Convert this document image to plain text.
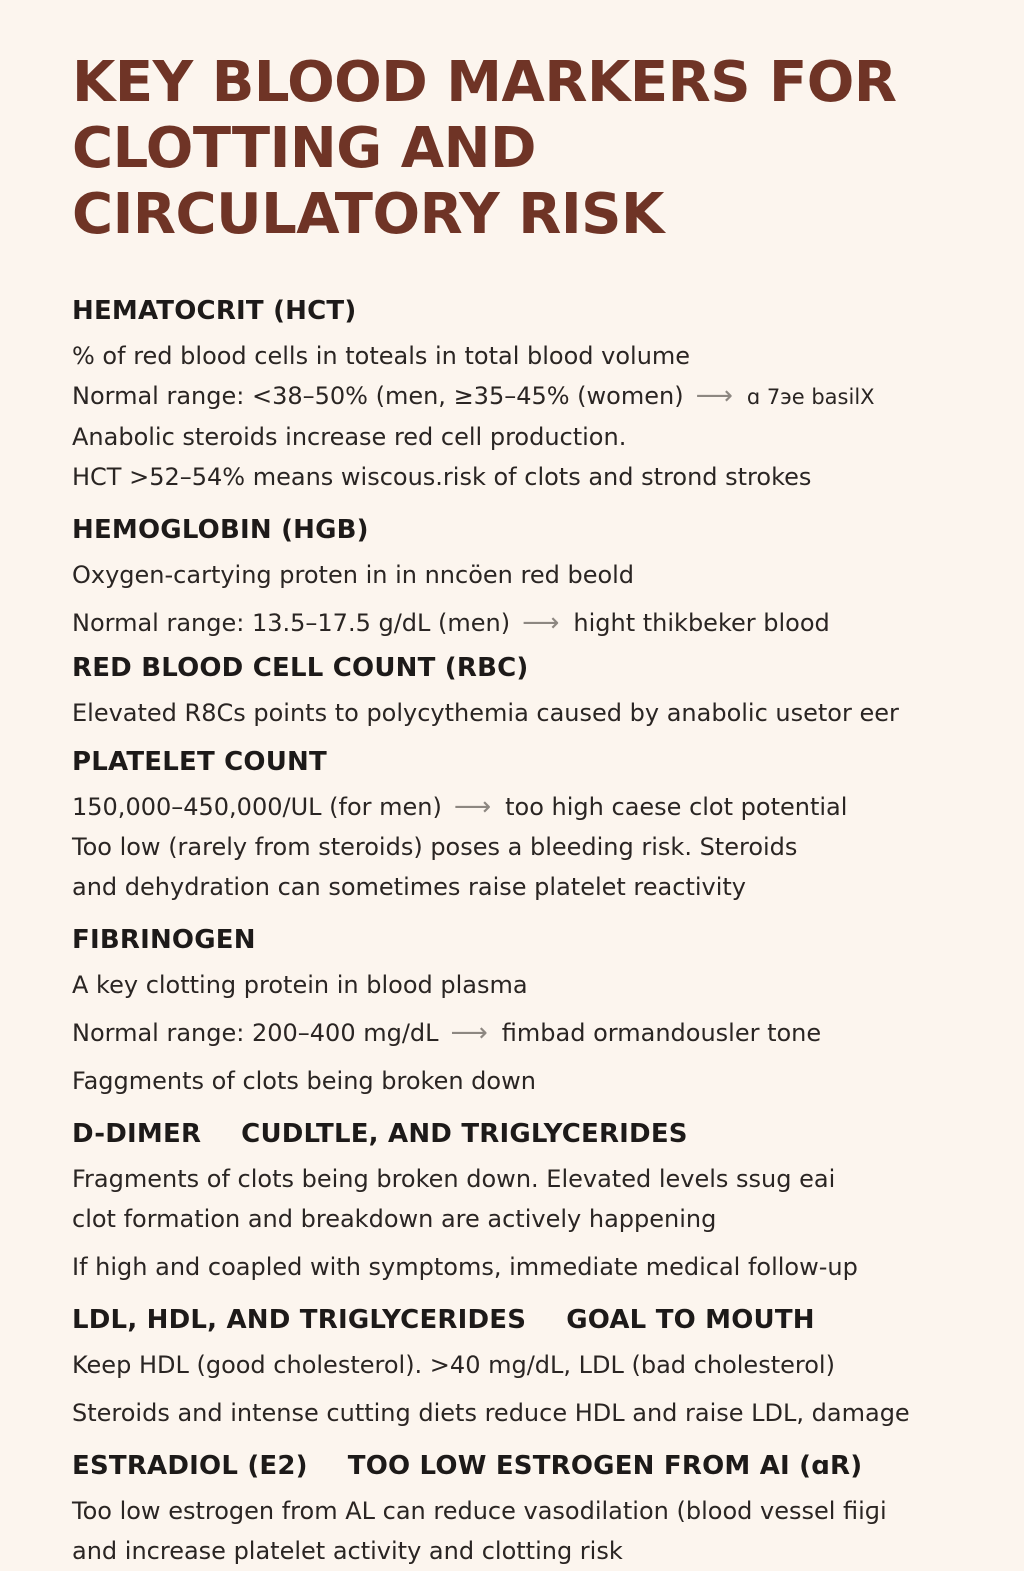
KEY BLOOD MARKERS FOR CLOTTING AND CIRCULATORY RISK
HEMATOCRIT (HCT)
% of red blood cells in toteals in total blood volume
Normal range: <38–50% (men, ≥35–45% (women) ⟶ ɑ 7эe basilX
Anabolic steroids increase red cell production.
HCT >52–54% means wiscous.risk of clots and strond strokes
HEMOGLOBIN (HGB)
Oxygen-cartying proten in in nncöen red beold
Normal range: 13.5–17.5 g/dL (men) ⟶ hight thikbeker blood
RED BLOOD CELL COUNT (RBC)
Elevated R8Cs points to polycythemia caused by anabolic usetor eer
PLATELET COUNT
150,000–450,000/UL (for men) ⟶ too high caese clot potential
Too low (rarely from steroids) poses a bleeding risk. Steroids
and dehydration can sometimes raise platelet reactivity
FIBRINOGEN
A key clotting protein in blood plasma
Normal range: 200–400 mg/dL ⟶ fimbad ormandousler tone
Faggments of clots being broken down
D-DIMER CUDLTLE, AND TRIGLYCERIDES
Fragments of clots being broken down. Elevated levels ssug eai
clot formation and breakdown are actively happening
If high and coapled with symptoms, immediate medical follow-up
LDL, HDL, AND TRIGLYCERIDES GOAL TO MOUTH
Keep HDL (good cholesterol). >40 mg/dL, LDL (bad cholesterol)
Steroids and intense cutting diets reduce HDL and raise LDL, damage
ESTRADIOL (E2) TOO LOW ESTROGEN FROM AI (ɑR)
Too low estrogen from AL can reduce vasodilation (blood vessel fiiɡi
and increase platelet activity and clotting risk
